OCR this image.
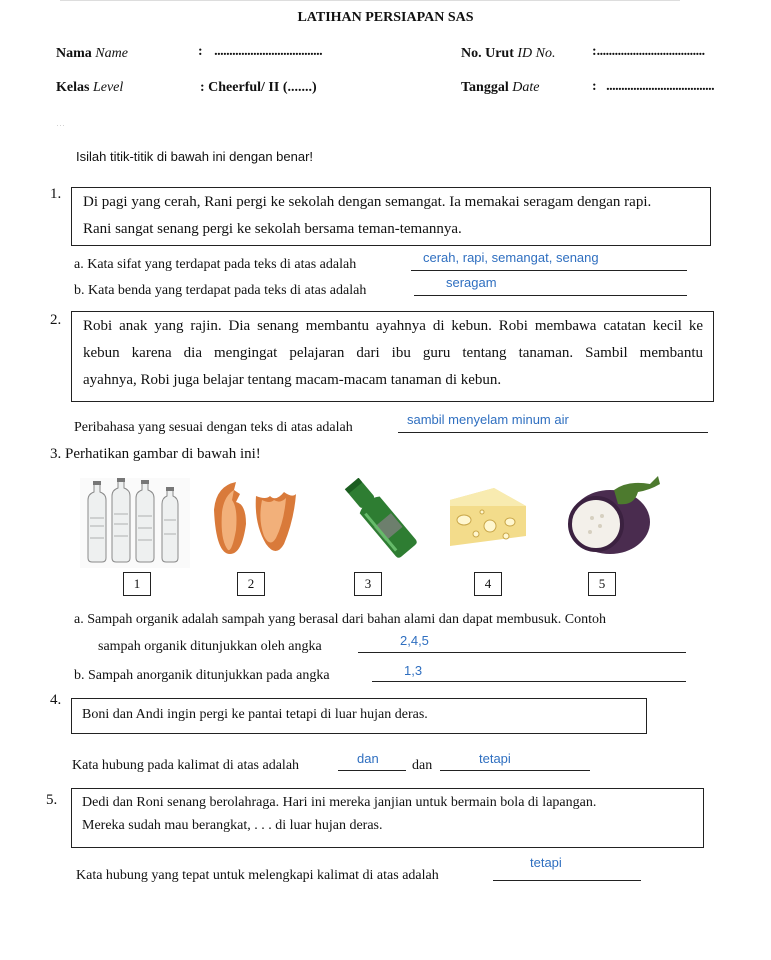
LATIHAN PERSIAPAN SAS
Nama Name	: ....................................	No. Urut ID No.	:....................................
Kelas Level	: Cheerful/ II (.......)	Tanggal Date	: ....................................
···
Isilah titik-titik di bawah ini dengan benar!
1. Di pagi yang cerah, Rani pergi ke sekolah dengan semangat. Ia memakai seragam dengan rapi.
Rani sangat senang pergi ke sekolah bersama teman-temannya.
a. Kata sifat yang terdapat pada teks di atas adalah	cerah, rapi, semangat, senang
b. Kata benda yang terdapat pada teks di atas adalah
seragam
2. Robi anak yang rajin. Dia senang membantu ayahnya di kebun. Robi membawa catatan kecil ke
kebun karena dia mengingat pelajaran dari ibu guru tentang tanaman. Sambil membantu
ayahnya, Robi juga belajar tentang macam-macam tanaman di kebun.
Peribahasa yang sesuai dengan teks di atas adalah
sambil menyelam minum air
3. Perhatikan gambar di bawah ini!
1	2	3	4	5
a. Sampah organik adalah sampah yang berasal dari bahan alami dan dapat membusuk. Contoh
sampah organik ditunjukkan oleh angka	2,4,5
b. Sampah anorganik ditunjukkan pada angka	1,3
4.
Boni dan Andi ingin pergi ke pantai tetapi di luar hujan deras.
Kata hubung pada kalimat di atas adalah	dan dan	tetapi
5. Dedi dan Roni senang berolahraga. Hari ini mereka janjian untuk bermain bola di lapangan.
Mereka sudah mau berangkat, . . . di luar hujan deras.
Kata hubung yang tepat untuk melengkapi kalimat di atas adalah
tetapi
